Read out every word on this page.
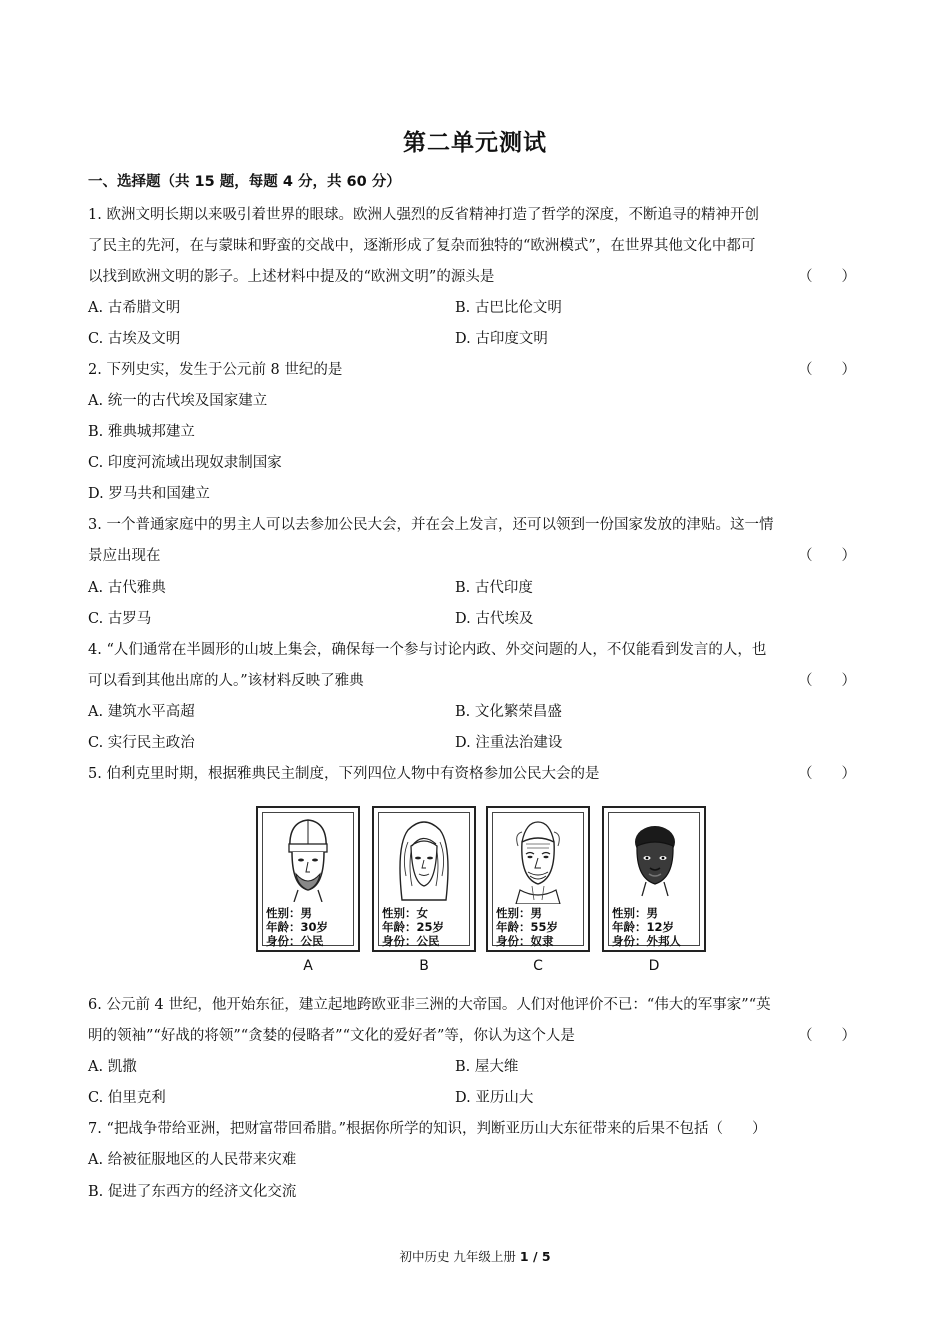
第二单元测试
一、选择题（共 15 题，每题 4 分，共 60 分）
1. 欧洲文明长期以来吸引着世界的眼球。欧洲人强烈的反省精神打造了哲学的深度，不断追寻的精神开创
了民主的先河，在与蒙昧和野蛮的交战中，逐渐形成了复杂而独特的“欧洲模式”，在世界其他文化中都可
以找到欧洲文明的影子。上述材料中提及的“欧洲文明”的源头是	（　　）
A. 古希腊文明	B. 古巴比伦文明
C. 古埃及文明	D. 古印度文明
2. 下列史实，发生于公元前 8 世纪的是	（　　）
A. 统一的古代埃及国家建立
B. 雅典城邦建立
C. 印度河流域出现奴隶制国家
D. 罗马共和国建立
3. 一个普通家庭中的男主人可以去参加公民大会，并在会上发言，还可以领到一份国家发放的津贴。这一情
景应出现在	（　　）
A. 古代雅典	B. 古代印度
C. 古罗马	D. 古代埃及
4. “人们通常在半圆形的山坡上集会，确保每一个参与讨论内政、外交问题的人，不仅能看到发言的人，也
可以看到其他出席的人。”该材料反映了雅典	（　　）
A. 建筑水平高超	B. 文化繁荣昌盛
C. 实行民主政治	D. 注重法治建设
5. 伯利克里时期，根据雅典民主制度，下列四位人物中有资格参加公民大会的是	（　　）
性别：男
年龄：30岁
身份：公民
A
性别：女
年龄：25岁
身份：公民
B
性别：男
年龄：55岁
身份：奴隶
C
性别：男
年龄：12岁
身份：外邦人
D
6. 公元前 4 世纪，他开始东征，建立起地跨欧亚非三洲的大帝国。人们对他评价不已：“伟大的军事家”“英
明的领袖”“好战的将领”“贪婪的侵略者”“文化的爱好者”等，你认为这个人是	（　　）
A. 凯撒	B. 屋大维
C. 伯里克利	D. 亚历山大
7. “把战争带给亚洲，把财富带回希腊。”根据你所学的知识，判断亚历山大东征带来的后果不包括（　　）
A. 给被征服地区的人民带来灾难
B. 促进了东西方的经济文化交流
初中历史 九年级上册 1 / 5
